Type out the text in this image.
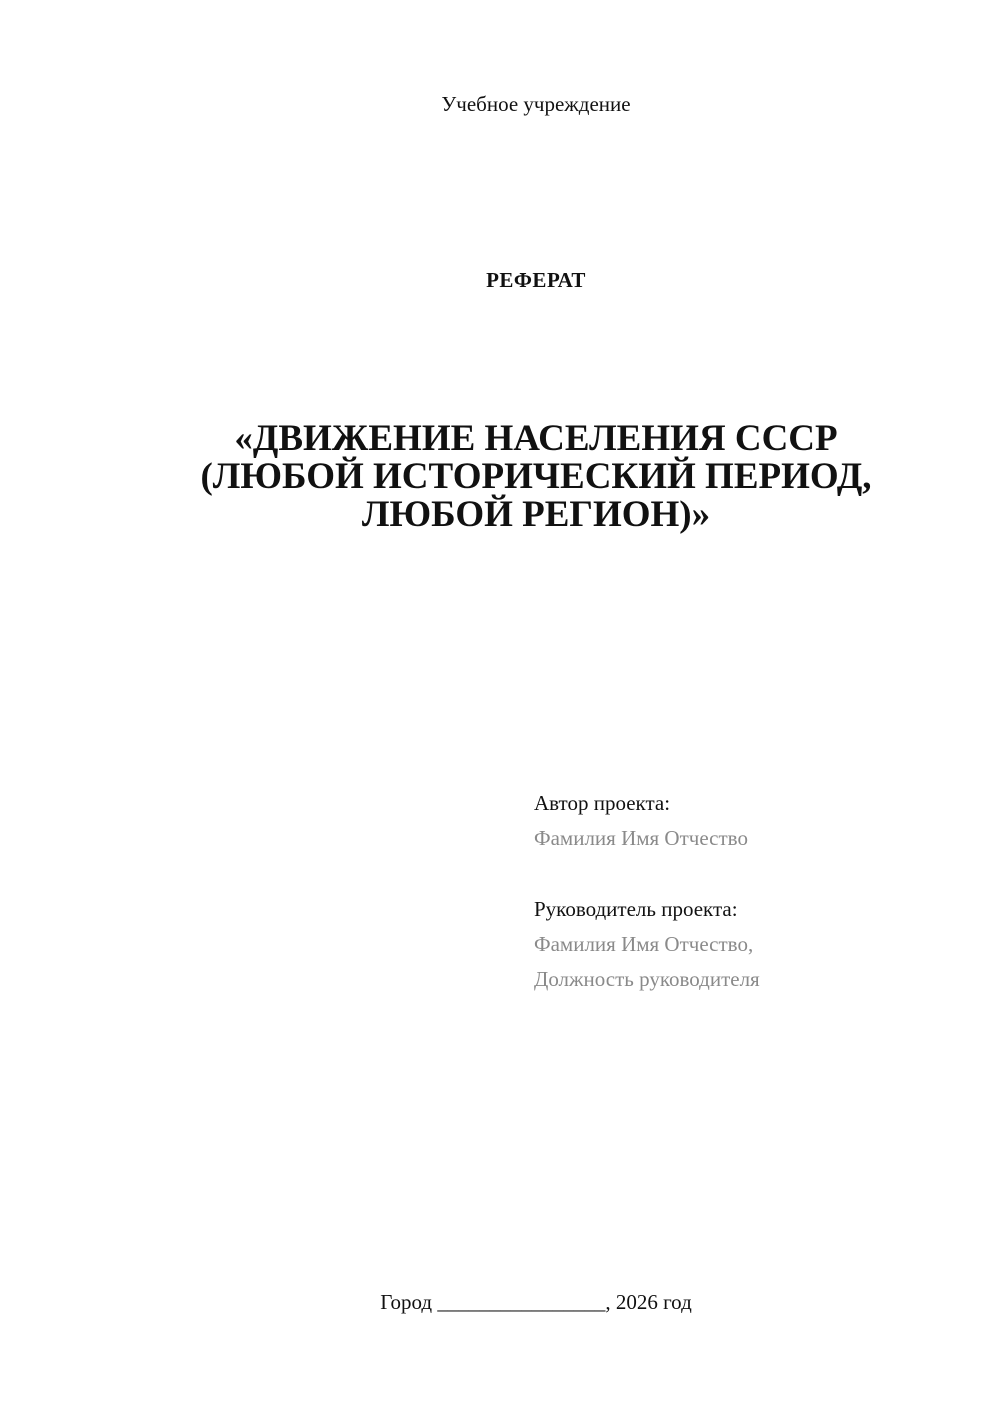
Учебное учреждение
РЕФЕРАТ
«ДВИЖЕНИЕ НАСЕЛЕНИЯ СССР
(ЛЮБОЙ ИСТОРИЧЕСКИЙ ПЕРИОД,
ЛЮБОЙ РЕГИОН)»
Автор проекта:
Фамилия Имя Отчество
Руководитель проекта:
Фамилия Имя Отчество,
Должность руководителя
Город ________________, 2026 год
